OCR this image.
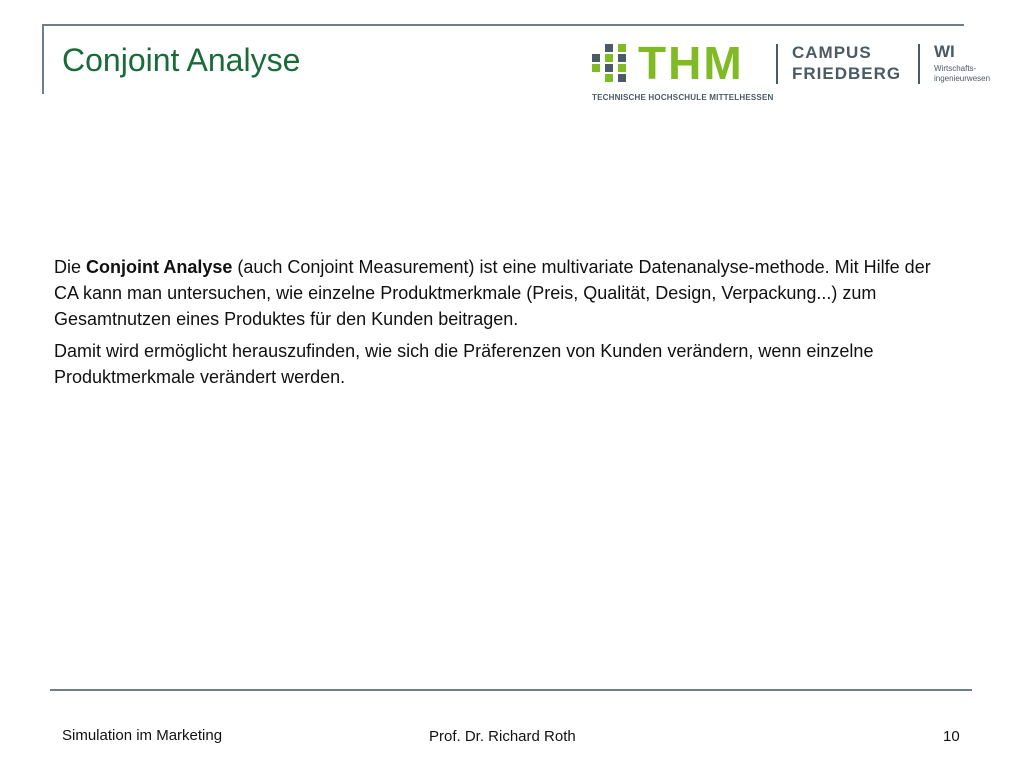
Conjoint Analyse	THM	CAMPUS
FRIEDBERG
WI
Wirtschafts-
ingenieurwesen
TECHNISCHE HOCHSCHULE MITTELHESSEN

Die Conjoint Analyse (auch Conjoint Measurement) ist eine multivariate Datenanalyse-methode. Mit Hilfe der CA kann man untersuchen, wie einzelne Produktmerkmale (Preis, Qualität, Design, Verpackung...) zum Gesamtnutzen eines Produktes für den Kunden beitragen.

Damit wird ermöglicht herauszufinden, wie sich die Präferenzen von Kunden verändern, wenn einzelne Produktmerkmale verändert werden.

Simulation im Marketing	Prof. Dr. Richard Roth	10
